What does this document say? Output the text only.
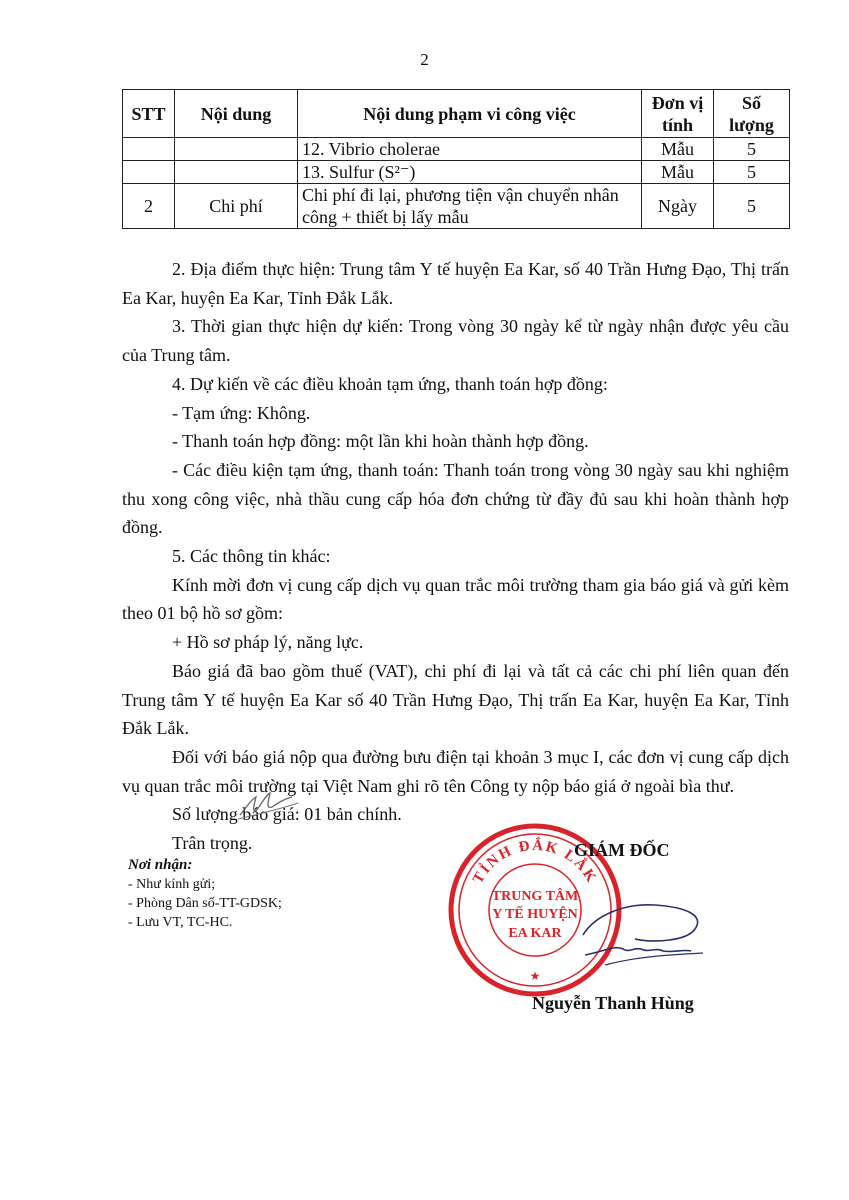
2
STT	Nội dung	Nội dung phạm vi công việc	Đơn vị tính	Số lượng
		12. Vibrio cholerae	Mẫu	5
		13. Sulfur (S²⁻)	Mẫu	5
2	Chi phí	Chi phí đi lại, phương tiện vận chuyển nhân công + thiết bị lấy mẫu	Ngày	5

2. Địa điểm thực hiện: Trung tâm Y tế huyện Ea Kar, số 40 Trần Hưng Đạo, Thị trấn Ea Kar, huyện Ea Kar, Tỉnh Đắk Lắk.

3. Thời gian thực hiện dự kiến: Trong vòng 30 ngày kể từ ngày nhận được yêu cầu của Trung tâm.

4. Dự kiến về các điều khoản tạm ứng, thanh toán hợp đồng:

- Tạm ứng: Không.

- Thanh toán hợp đồng: một lần khi hoàn thành hợp đồng.

- Các điều kiện tạm ứng, thanh toán: Thanh toán trong vòng 30 ngày sau khi nghiệm thu xong công việc, nhà thầu cung cấp hóa đơn chứng từ đầy đủ sau khi hoàn thành hợp đồng.

5. Các thông tin khác:

Kính mời đơn vị cung cấp dịch vụ quan trắc môi trường tham gia báo giá và gửi kèm theo 01 bộ hồ sơ gồm:

+ Hồ sơ pháp lý, năng lực.

Báo giá đã bao gồm thuế (VAT), chi phí đi lại và tất cả các chi phí liên quan đến Trung tâm Y tế huyện Ea Kar số 40 Trần Hưng Đạo, Thị trấn Ea Kar, huyện Ea Kar, Tỉnh Đắk Lắk.

Đối với báo giá nộp qua đường bưu điện tại khoản 3 mục I, các đơn vị cung cấp dịch vụ quan trắc môi trường tại Việt Nam ghi rõ tên Công ty nộp báo giá ở ngoài bìa thư.

Số lượng báo giá: 01 bản chính.

Trân trọng.

Nơi nhận:
- Như kính gửi;
- Phòng Dân số-TT-GDSK;
- Lưu VT, TC-HC.
TỈNH ĐẮK LẮK
TRUNG TÂM
Y TẾ HUYỆN
EA KAR
★
GIÁM ĐỐC
Nguyễn Thanh Hùng
